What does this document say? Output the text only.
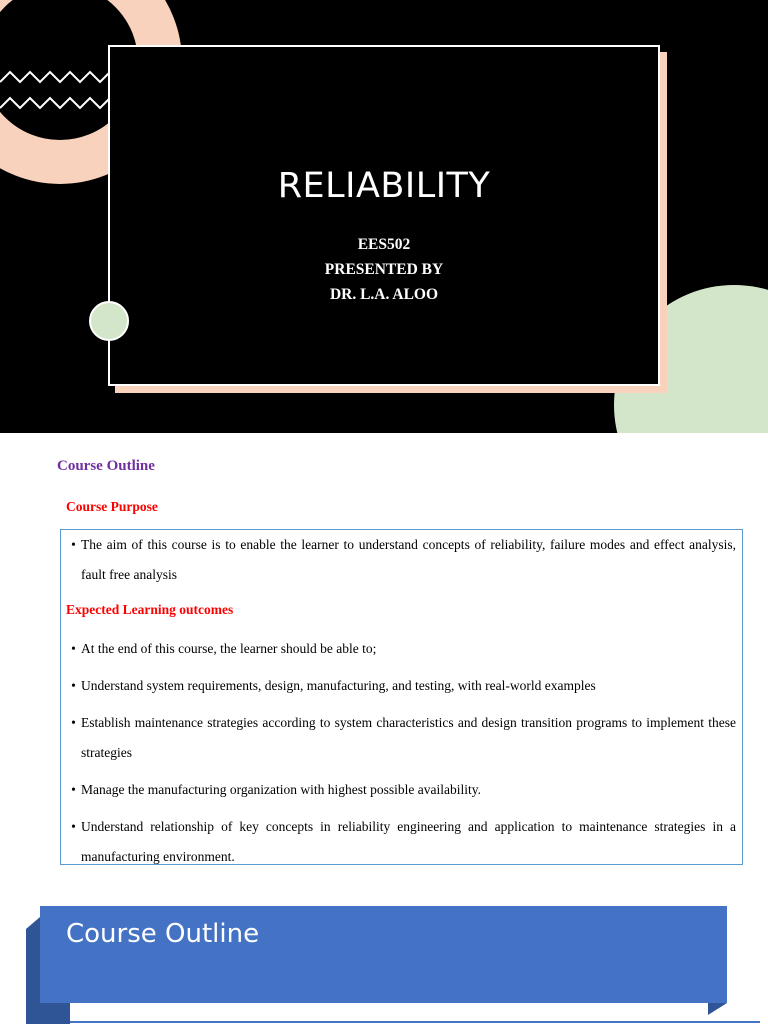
RELIABILITY
EES502
PRESENTED BY
DR. L.A. ALOO
Course Outline
Course Purpose
• The aim of this course is to enable the learner to understand concepts of reliability, failure modes and effect analysis, fault free analysis
Expected Learning outcomes
• At the end of this course, the learner should be able to;
• Understand system requirements, design, manufacturing, and testing, with real-world examples
• Establish maintenance strategies according to system characteristics and design transition programs to implement these strategies
• Manage the manufacturing organization with highest possible availability.
• Understand relationship of key concepts in reliability engineering and application to maintenance strategies in a manufacturing environment.
Course Outline
